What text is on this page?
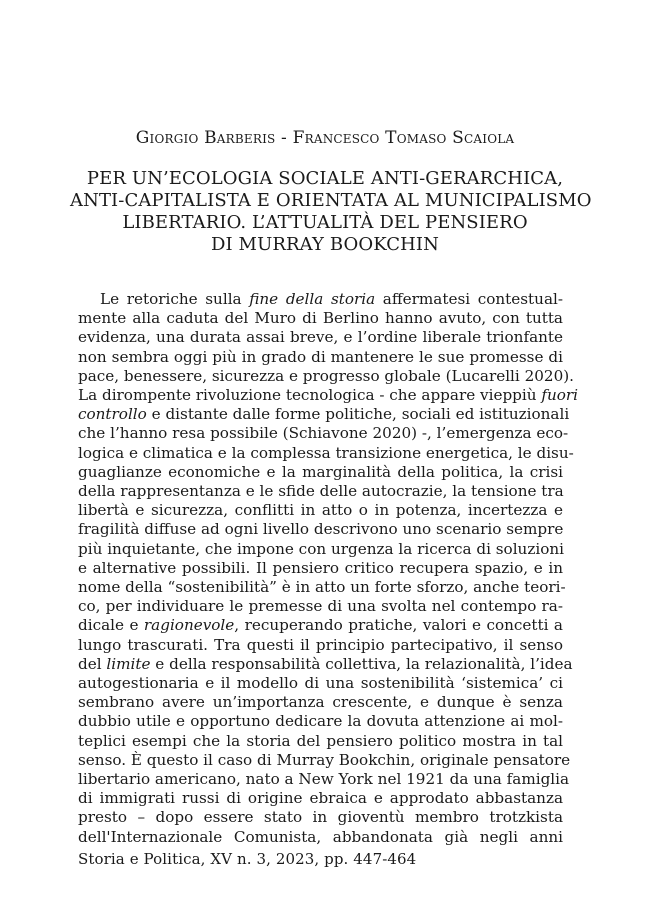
Giorgio Barberis - Francesco Tomaso Scaiola
PER UN’ECOLOGIA SOCIALE ANTI-GERARCHICA,
ANTI-CAPITALISTA E ORIENTATA AL MUNICIPALISMO
LIBERTARIO. L’ATTUALITÀ DEL PENSIERO
DI MURRAY BOOKCHIN
Le retoriche sulla fine della storia affermatesi contestual-
mente alla caduta del Muro di Berlino hanno avuto, con tutta
evidenza, una durata assai breve, e l’ordine liberale trionfante
non sembra oggi più in grado di mantenere le sue promesse di
pace, benessere, sicurezza e progresso globale (Lucarelli 2020).
La dirompente rivoluzione tecnologica - che appare vieppiù fuori
controllo e distante dalle forme politiche, sociali ed istituzionali
che l’hanno resa possibile (Schiavone 2020) -, l’emergenza eco-
logica e climatica e la complessa transizione energetica, le disu-
guaglianze economiche e la marginalità della politica, la crisi
della rappresentanza e le sfide delle autocrazie, la tensione tra
libertà e sicurezza, conflitti in atto o in potenza, incertezza e
fragilità diffuse ad ogni livello descrivono uno scenario sempre
più inquietante, che impone con urgenza la ricerca di soluzioni
e alternative possibili. Il pensiero critico recupera spazio, e in
nome della “sostenibilità” è in atto un forte sforzo, anche teori-
co, per individuare le premesse di una svolta nel contempo ra-
dicale e ragionevole, recuperando pratiche, valori e concetti a
lungo trascurati. Tra questi il principio partecipativo, il senso
del limite e della responsabilità collettiva, la relazionalità, l’idea
autogestionaria e il modello di una sostenibilità ‘sistemica’ ci
sembrano avere un’importanza crescente, e dunque è senza
dubbio utile e opportuno dedicare la dovuta attenzione ai mol-
teplici esempi che la storia del pensiero politico mostra in tal
senso. È questo il caso di Murray Bookchin, originale pensatore
libertario americano, nato a New York nel 1921 da una famiglia
di immigrati russi di origine ebraica e approdato abbastanza
presto – dopo essere stato in gioventù membro trotzkista
dell'Internazionale Comunista, abbandonata già negli anni
Storia e Politica, XV n. 3, 2023, pp. 447-464
